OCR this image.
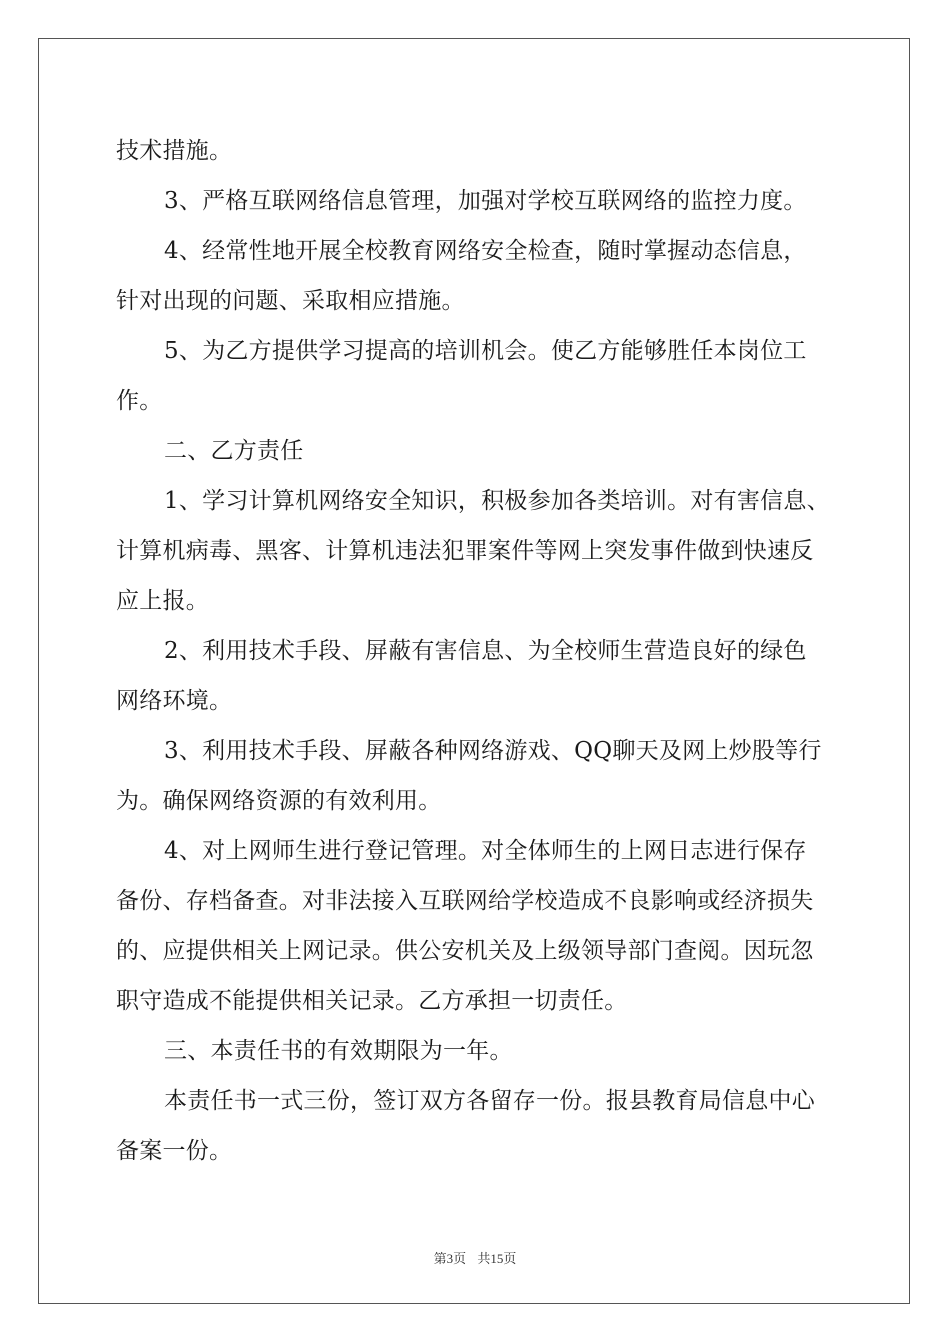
技术措施。
3、严格互联网络信息管理，加强对学校互联网络的监控力度。
4、经常性地开展全校教育网络安全检查，随时掌握动态信息，
针对出现的问题、采取相应措施。
5、为乙方提供学习提高的培训机会。使乙方能够胜任本岗位工
作。
二、乙方责任
1、学习计算机网络安全知识，积极参加各类培训。对有害信息、
计算机病毒、黑客、计算机违法犯罪案件等网上突发事件做到快速反
应上报。
2、利用技术手段、屏蔽有害信息、为全校师生营造良好的绿色
网络环境。
3、利用技术手段、屏蔽各种网络游戏、QQ聊天及网上炒股等行
为。确保网络资源的有效利用。
4、对上网师生进行登记管理。对全体师生的上网日志进行保存
备份、存档备查。对非法接入互联网给学校造成不良影响或经济损失
的、应提供相关上网记录。供公安机关及上级领导部门查阅。因玩忽
职守造成不能提供相关记录。乙方承担一切责任。
三、本责任书的有效期限为一年。
本责任书一式三份，签订双方各留存一份。报县教育局信息中心
备案一份。
第3页 共15页
